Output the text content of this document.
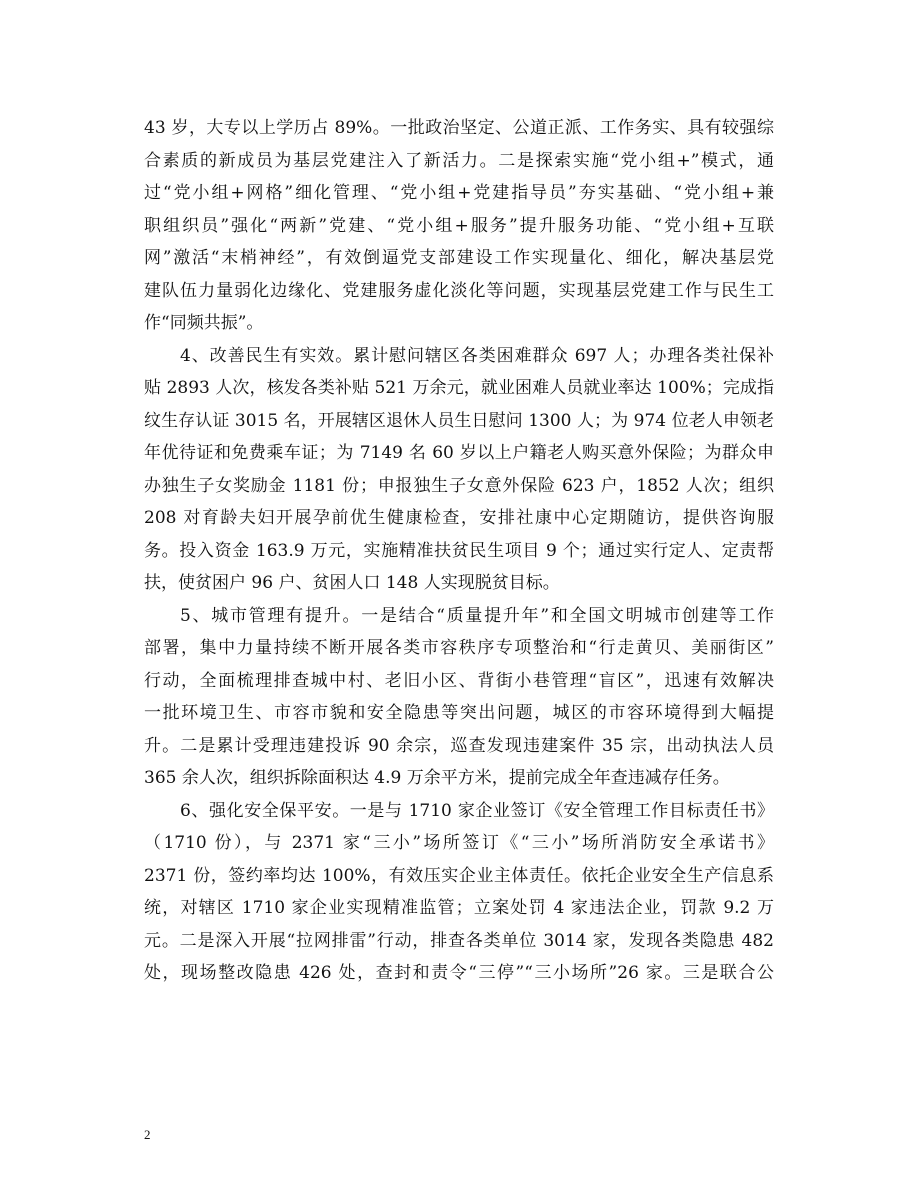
43 岁，大专以上学历占 89%。一批政治坚定、公道正派、工作务实、具有较强综
合素质的新成员为基层党建注入了新活力。二是探索实施“党小组+”模式，通
过“党小组+网格”细化管理、“党小组+党建指导员”夯实基础、“党小组+兼
职组织员”强化“两新”党建、“党小组+服务”提升服务功能、“党小组+互联
网”激活“末梢神经”，有效倒逼党支部建设工作实现量化、细化，解决基层党
建队伍力量弱化边缘化、党建服务虚化淡化等问题，实现基层党建工作与民生工
作“同频共振”。
4、改善民生有实效。累计慰问辖区各类困难群众 697 人；办理各类社保补
贴 2893 人次，核发各类补贴 521 万余元，就业困难人员就业率达 100%；完成指
纹生存认证 3015 名，开展辖区退休人员生日慰问 1300 人；为 974 位老人申领老
年优待证和免费乘车证；为 7149 名 60 岁以上户籍老人购买意外保险；为群众申
办独生子女奖励金 1181 份；申报独生子女意外保险 623 户，1852 人次；组织
208 对育龄夫妇开展孕前优生健康检查，安排社康中心定期随访，提供咨询服
务。投入资金 163.9 万元，实施精准扶贫民生项目 9 个；通过实行定人、定责帮
扶，使贫困户 96 户、贫困人口 148 人实现脱贫目标。
5、城市管理有提升。一是结合“质量提升年”和全国文明城市创建等工作
部署，集中力量持续不断开展各类市容秩序专项整治和“行走黄贝、美丽街区”
行动，全面梳理排查城中村、老旧小区、背街小巷管理“盲区”，迅速有效解决
一批环境卫生、市容市貌和安全隐患等突出问题，城区的市容环境得到大幅提
升。二是累计受理违建投诉 90 余宗，巡查发现违建案件 35 宗，出动执法人员
365 余人次，组织拆除面积达 4.9 万余平方米，提前完成全年查违减存任务。
6、强化安全保平安。一是与 1710 家企业签订《安全管理工作目标责任书》
（1710 份），与 2371 家“三小”场所签订《“三小”场所消防安全承诺书》
2371 份，签约率均达 100%，有效压实企业主体责任。依托企业安全生产信息系
统，对辖区 1710 家企业实现精准监管；立案处罚 4 家违法企业，罚款 9.2 万
元。二是深入开展“拉网排雷”行动，排查各类单位 3014 家，发现各类隐患 482
处，现场整改隐患 426 处，查封和责令“三停”“三小场所”26 家。三是联合公
2
